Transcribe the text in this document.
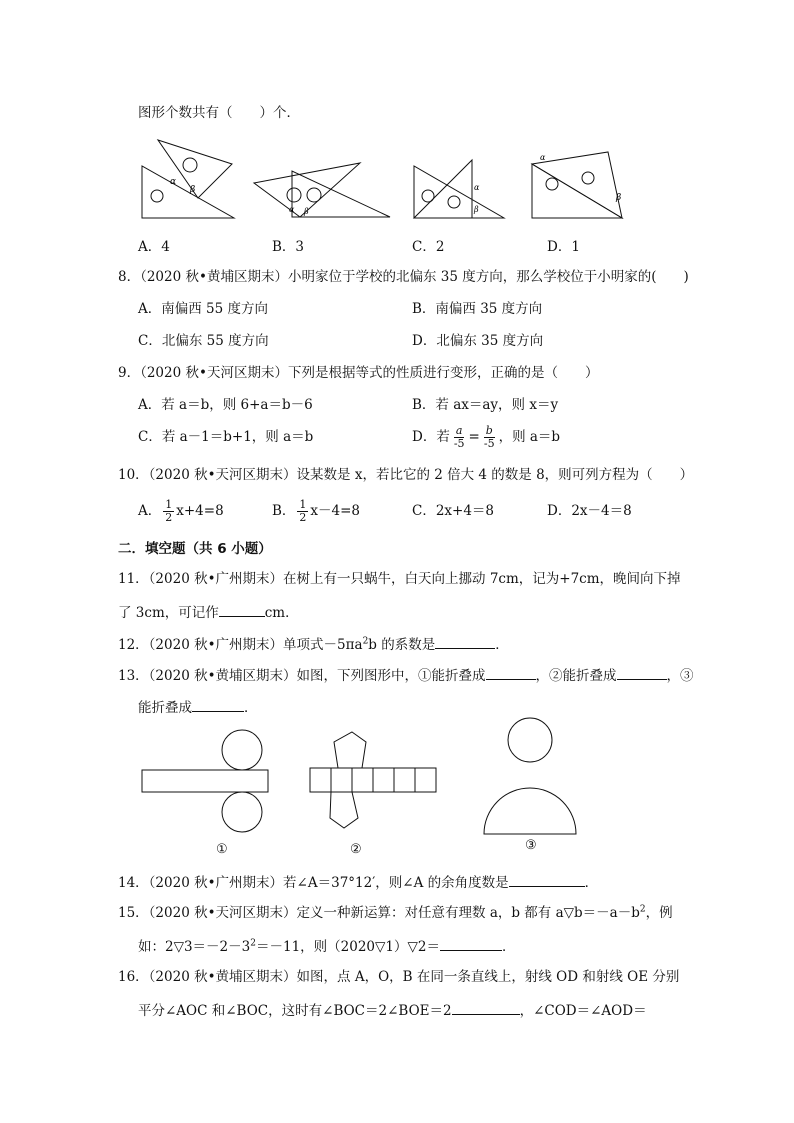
图形个数共有（　　）个．
α
β
α β
α
β
α
β
A．4	B．3	C．2	D．1
8．（2020 秋•黄埔区期末）小明家位于学校的北偏东 35 度方向，那么学校位于小明家的(　　)
A．南偏西 55 度方向	B．南偏西 35 度方向
C．北偏东 55 度方向	D．北偏东 35 度方向
9．（2020 秋•天河区期末）下列是根据等式的性质进行变形，正确的是（　　）
A．若 a＝b，则 6+a＝b－6	B．若 ax＝ay，则 x＝y
C．若 a－1＝b+1，则 a＝b	D．若 $\frac{a}{-5} = \frac{b}{-5}$ ，则 a＝b
10．（2020 秋•天河区期末）设某数是 x，若比它的 2 倍大 4 的数是 8，则可列方程为（　　）
A． $\frac{1}{2} x+4=8$	B． $\frac{1}{2} x-4=8$	C．2x+4＝8	D．2x－4＝8
二．填空题（共 6 小题）
11．（2020 秋•广州期末）在树上有一只蜗牛，白天向上挪动 7cm，记为+7cm，晚间向下掉
了 3cm，可记作	cm．
12．（2020 秋•广州期末）单项式$-5\pi a^2b$ 的系数是	．
13．（2020 秋•黄埔区期末）如图，下列图形中，①能折叠成	，②能折叠成	，③
能折叠成	．
①	②	③
14．（2020 秋•广州期末）若∠A＝37°12′，则∠A 的余角度数是	．
15．（2020 秋•天河区期末）定义一种新运算：对任意有理数 a，b 都有 $a▽b=-a-b^2$，例
如：$2▽3=-2-3^2=-11$，则（2020▽1）▽2＝	．
16．（2020 秋•黄埔区期末）如图，点 A，O，B 在同一条直线上，射线 OD 和射线 OE 分别
平分∠AOC 和∠BOC，这时有∠BOC＝2∠BOE＝2	，∠COD＝∠AOD＝
